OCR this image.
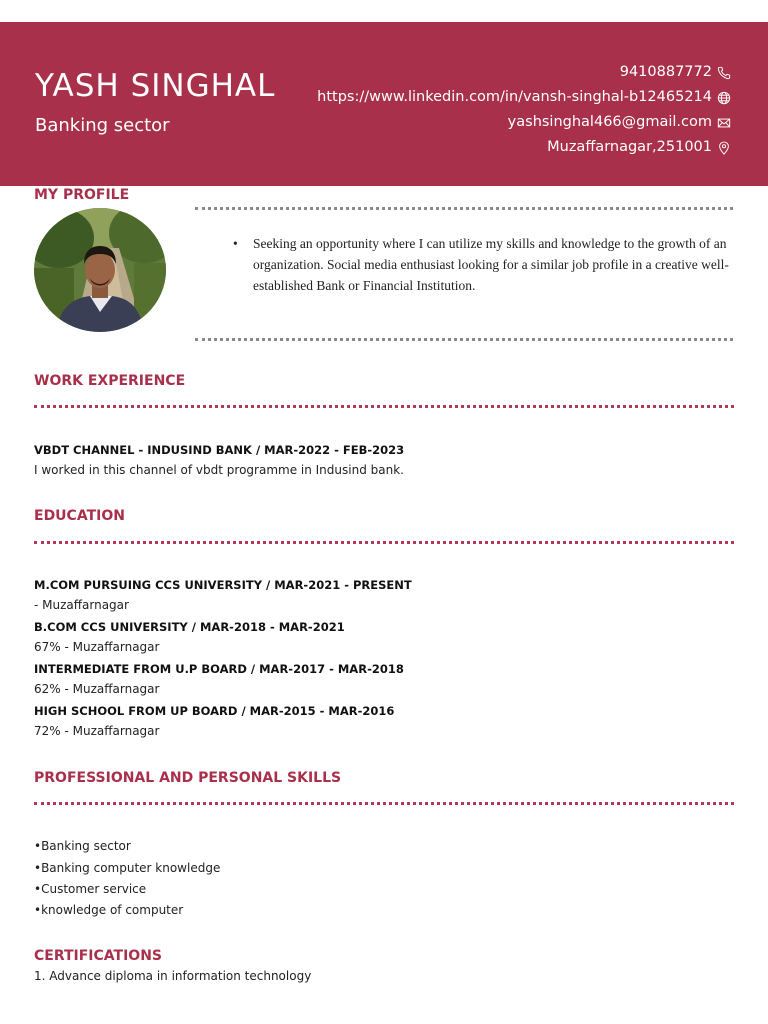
YASH SINGHAL
Banking sector
9410887772
https://www.linkedin.com/in/vansh-singhal-b12465214
yashsinghal466@gmail.com
Muzaffarnagar,251001
MY PROFILE
• Seeking an opportunity where I can utilize my skills and knowledge to the growth of an organization. Social media enthusiast looking for a similar job profile in a creative well-established Bank or Financial Institution.
WORK EXPERIENCE
VBDT CHANNEL - INDUSIND BANK / MAR-2022 - FEB-2023
I worked in this channel of vbdt programme in Indusind bank.
EDUCATION
M.COM PURSUING CCS UNIVERSITY / MAR-2021 - PRESENT
- Muzaffarnagar
B.COM CCS UNIVERSITY / MAR-2018 - MAR-2021
67% - Muzaffarnagar
INTERMEDIATE FROM U.P BOARD / MAR-2017 - MAR-2018
62% - Muzaffarnagar
HIGH SCHOOL FROM UP BOARD / MAR-2015 - MAR-2016
72% - Muzaffarnagar
PROFESSIONAL AND PERSONAL SKILLS
•Banking sector
•Banking computer knowledge
•Customer service
•knowledge of computer
CERTIFICATIONS
1. Advance diploma in information technology
